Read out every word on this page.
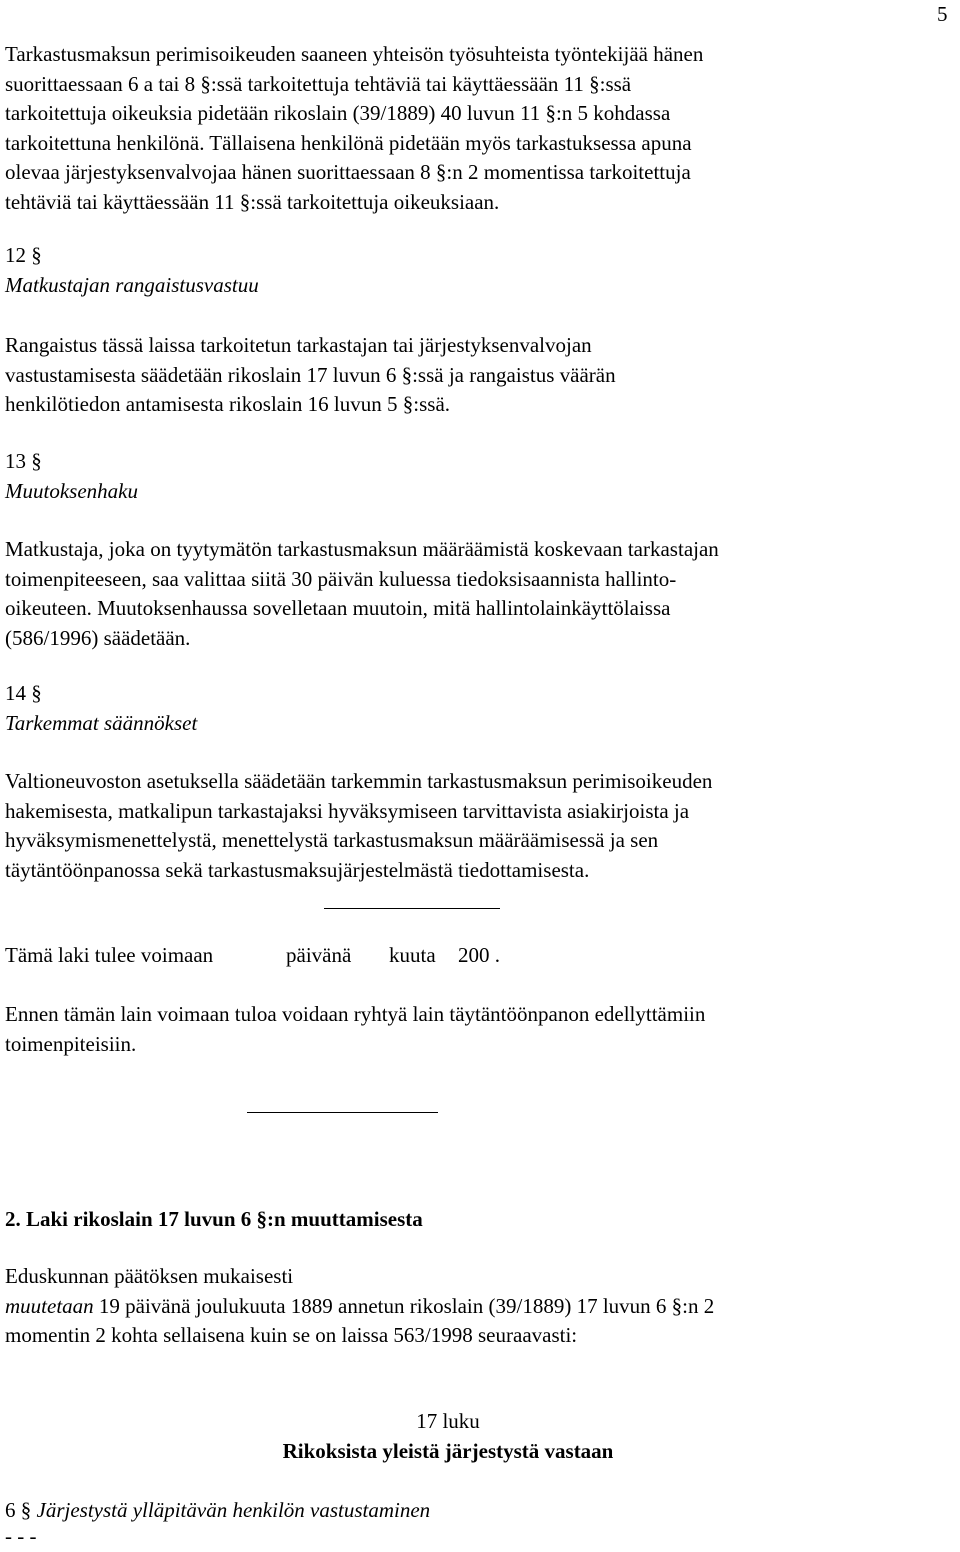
5
Tarkastusmaksun perimisoikeuden saaneen yhteisön työsuhteista työntekijää hänen
suorittaessaan 6 a tai 8 §:ssä tarkoitettuja tehtäviä tai käyttäessään 11 §:ssä
tarkoitettuja oikeuksia pidetään rikoslain (39/1889) 40 luvun 11 §:n 5 kohdassa
tarkoitettuna henkilönä. Tällaisena henkilönä pidetään myös tarkastuksessa apuna
olevaa järjestyksenvalvojaa hänen suorittaessaan 8 §:n 2 momentissa tarkoitettuja
tehtäviä tai käyttäessään 11 §:ssä tarkoitettuja oikeuksiaan.
12 §
Matkustajan rangaistusvastuu
Rangaistus tässä laissa tarkoitetun tarkastajan tai järjestyksenvalvojan
vastustamisesta säädetään rikoslain 17 luvun 6 §:ssä ja rangaistus väärän
henkilötiedon antamisesta rikoslain 16 luvun 5 §:ssä.
13 §
Muutoksenhaku
Matkustaja, joka on tyytymätön tarkastusmaksun määräämistä koskevaan tarkastajan
toimenpiteeseen, saa valittaa siitä 30 päivän kuluessa tiedoksisaannista hallinto-
oikeuteen. Muutoksenhaussa sovelletaan muutoin, mitä hallintolainkäyttölaissa
(586/1996) säädetään.
14 §
Tarkemmat säännökset
Valtioneuvoston asetuksella säädetään tarkemmin tarkastusmaksun perimisoikeuden
hakemisesta, matkalipun tarkastajaksi hyväksymiseen tarvittavista asiakirjoista ja
hyväksymismenettelystä, menettelystä tarkastusmaksun määräämisessä ja sen
täytäntöönpanossa sekä tarkastusmaksujärjestelmästä tiedottamisesta.
Tämä laki tulee voimaan	päivänä kuuta 200 .
Ennen tämän lain voimaan tuloa voidaan ryhtyä lain täytäntöönpanon edellyttämiin
toimenpiteisiin.
2. Laki rikoslain 17 luvun 6 §:n muuttamisesta
Eduskunnan päätöksen mukaisesti
muutetaan 19 päivänä joulukuuta 1889 annetun rikoslain (39/1889) 17 luvun 6 §:n 2
momentin 2 kohta sellaisena kuin se on laissa 563/1998 seuraavasti:
17 luku
Rikoksista yleistä järjestystä vastaan
6 § Järjestystä ylläpitävän henkilön vastustaminen
- - -
